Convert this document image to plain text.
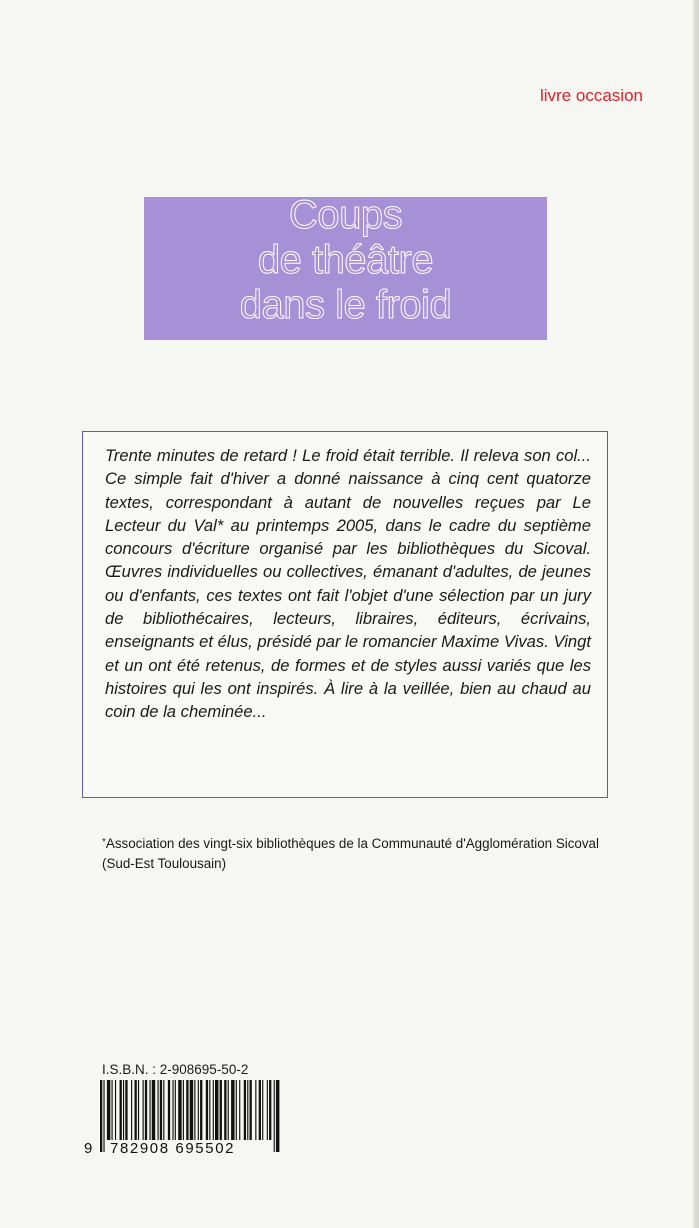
livre occasion
Coups
de théâtre
dans le froid

Trente minutes de retard ! Le froid était terrible. Il releva son col... Ce simple fait d'hiver a donné naissance à cinq cent quatorze textes, correspondant à autant de nouvelles reçues par Le Lecteur du Val* au printemps 2005, dans le cadre du septième concours d'écriture organisé par les bibliothèques du Sicoval. Œuvres individuelles ou collectives, émanant d'adultes, de jeunes ou d'enfants, ces textes ont fait l'objet d'une sélection par un jury de bibliothécaires, lecteurs, libraires, éditeurs, écrivains, enseignants et élus, présidé par le romancier Maxime Vivas. Vingt et un ont été retenus, de formes et de styles aussi variés que les histoires qui les ont inspirés. À lire à la veillée, bien au chaud au coin de la cheminée...

*Association des vingt-six bibliothèques de la Communauté d'Agglomération Sicoval (Sud-Est Toulousain)
I.S.B.N. : 2-908695-50-2
9 782908 695502
